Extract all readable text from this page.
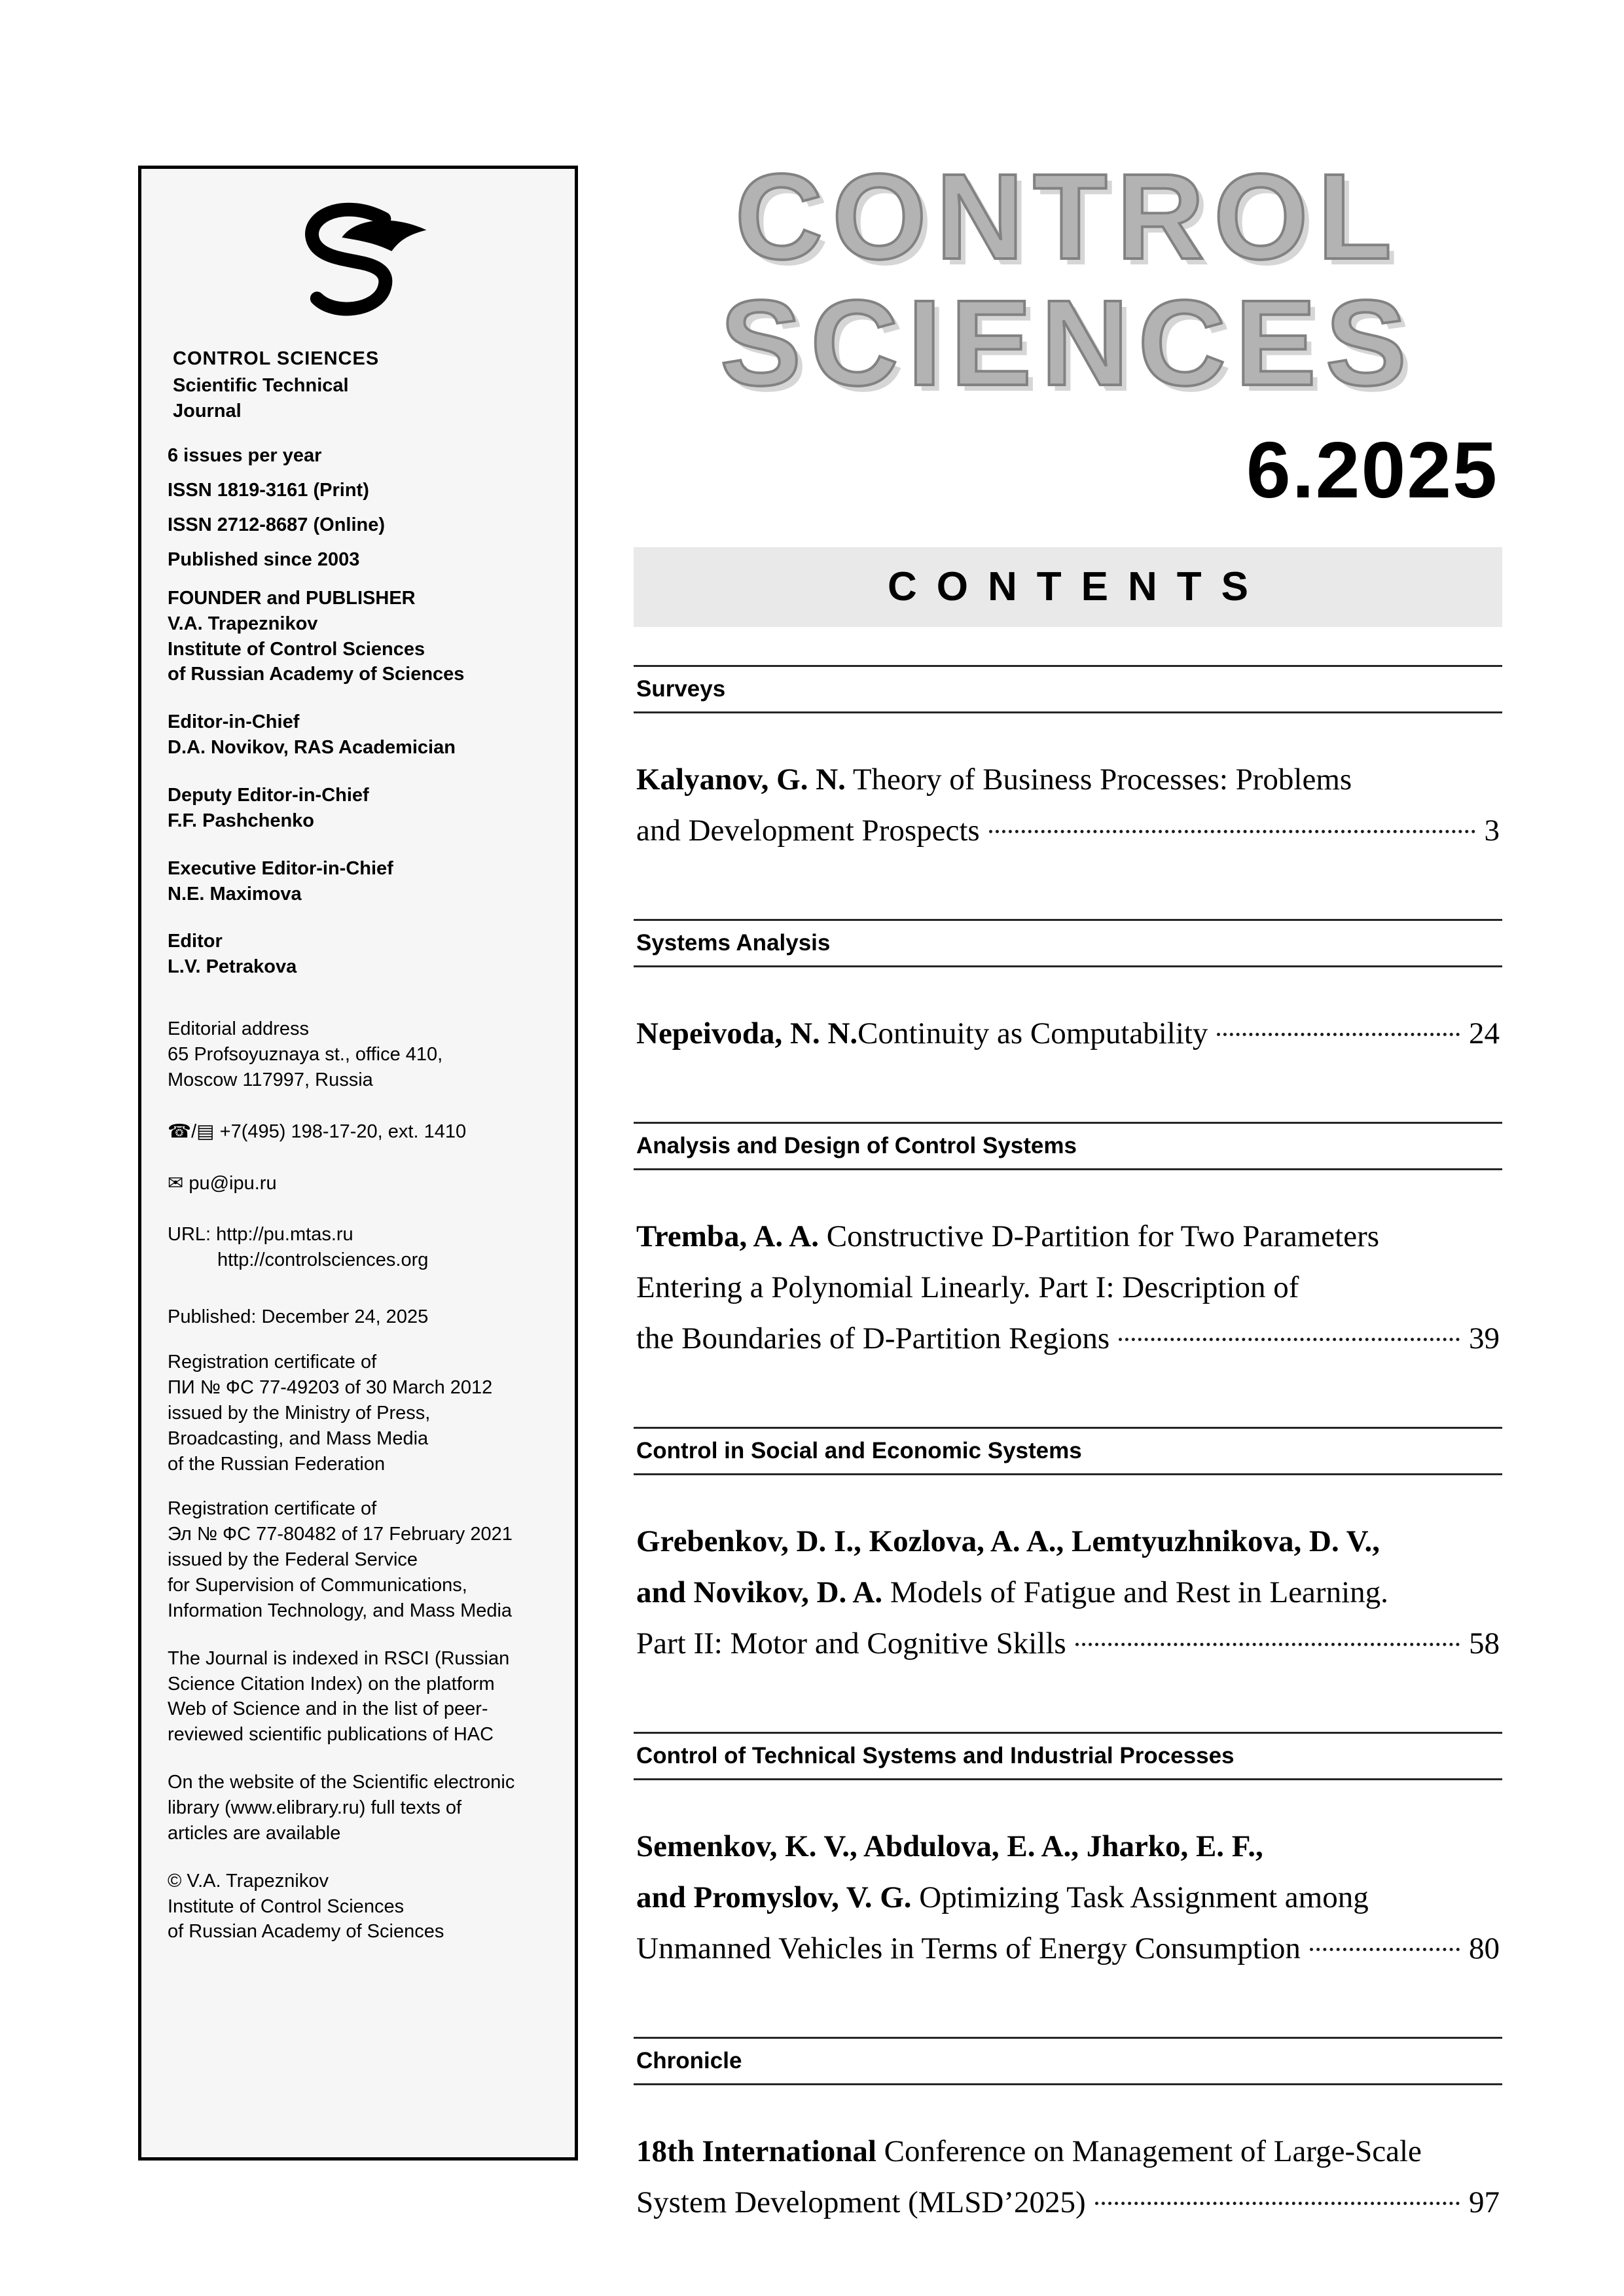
CONTROL SCIENCES
Scientific Technical
Journal

6 issues per year

ISSN 1819-3161 (Print)

ISSN 2712-8687 (Online)

Published since 2003

FOUNDER and PUBLISHER
V.A. Trapeznikov
Institute of Control Sciences
of Russian Academy of Sciences
Editor-in-Chief
D.A. Novikov, RAS Academician
Deputy Editor-in-Chief
F.F. Pashchenko
Executive Editor-in-Chief
N.E. Maximova
Editor
L.V. Petrakova
Editorial address
65 Profsoyuznaya st., office 410,
Moscow 117997, Russia

☎/▤ +7(495) 198-17-20, ext. 1410

✉ pu@ipu.ru

URL: http://pu.mtas.ru
http://controlsciences.org

Published: December 24, 2025

Registration certificate of
ПИ № ФС 77-49203 of 30 March 2012
issued by the Ministry of Press,
Broadcasting, and Mass Media
of the Russian Federation
Registration certificate of
Эл № ФС 77-80482 of 17 February 2021
issued by the Federal Service
for Supervision of Communications,
Information Technology, and Mass Media
The Journal is indexed in RSCI (Russian
Science Citation Index) on the platform
Web of Science and in the list of peer-
reviewed scientific publications of HAC
On the website of the Scientific electronic
library (www.elibrary.ru) full texts of
articles are available
© V.A. Trapeznikov
Institute of Control Sciences
of Russian Academy of Sciences
CONTROL
SCIENCES
6.2025
CONTENTS
Surveys
Kalyanov, G. N. Theory of Business Processes: Problems
and Development Prospects	3
Systems Analysis
Nepeivoda, N. N. Continuity as Computability	24
Analysis and Design of Control Systems
Tremba, A. A. Constructive D-Partition for Two Parameters
Entering a Polynomial Linearly. Part I: Description of
the Boundaries of D-Partition Regions	39
Control in Social and Economic Systems
Grebenkov, D. I., Kozlova, A. A., Lemtyuzhnikova, D. V.,
and Novikov, D. A. Models of Fatigue and Rest in Learning.
Part II: Motor and Cognitive Skills	58
Control of Technical Systems and Industrial Processes
Semenkov, K. V., Abdulova, E. A., Jharko, E. F.,
and Promyslov, V. G. Optimizing Task Assignment among
Unmanned Vehicles in Terms of Energy Consumption	80
Chronicle
18th International Conference on Management of Large-Scale
System Development (MLSD’2025)	97
